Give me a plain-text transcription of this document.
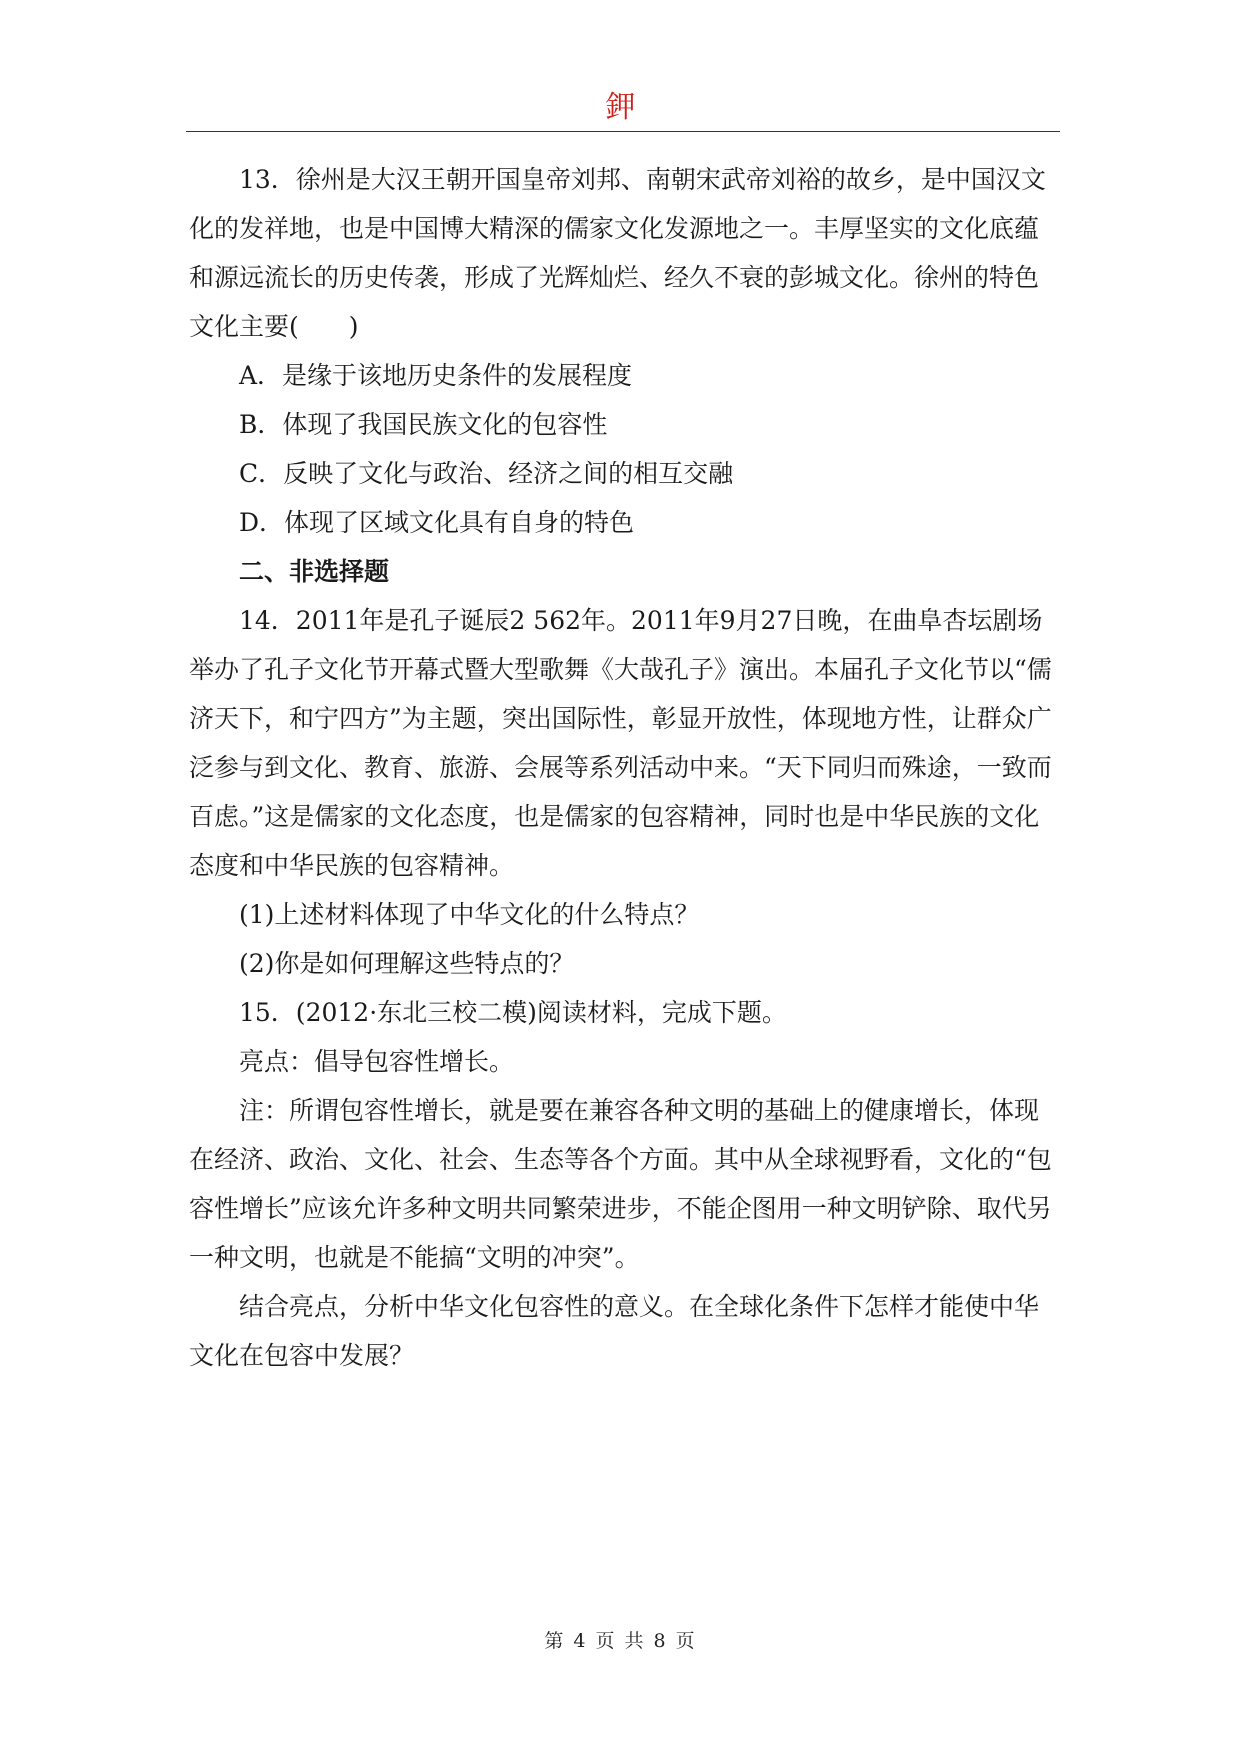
鉀

13．徐州是大汉王朝开国皇帝刘邦、南朝宋武帝刘裕的故乡，是中国汉文化的发祥地，也是中国博大精深的儒家文化发源地之一。丰厚坚实的文化底蕴和源远流长的历史传袭，形成了光辉灿烂、经久不衰的彭城文化。徐州的特色文化主要(　　)

A．是缘于该地历史条件的发展程度

B．体现了我国民族文化的包容性

C．反映了文化与政治、经济之间的相互交融

D．体现了区域文化具有自身的特色

二、非选择题

14．2011年是孔子诞辰2 562年。2011年9月27日晚，在曲阜杏坛剧场举办了孔子文化节开幕式暨大型歌舞《大哉孔子》演出。本届孔子文化节以“儒济天下，和宁四方”为主题，突出国际性，彰显开放性，体现地方性，让群众广泛参与到文化、教育、旅游、会展等系列活动中来。“天下同归而殊途，一致而百虑。”这是儒家的文化态度，也是儒家的包容精神，同时也是中华民族的文化态度和中华民族的包容精神。

(1)上述材料体现了中华文化的什么特点？

(2)你是如何理解这些特点的？

15．(2012·东北三校二模)阅读材料，完成下题。

亮点：倡导包容性增长。

注：所谓包容性增长，就是要在兼容各种文明的基础上的健康增长，体现在经济、政治、文化、社会、生态等各个方面。其中从全球视野看，文化的“包容性增长”应该允许多种文明共同繁荣进步，不能企图用一种文明铲除、取代另一种文明，也就是不能搞“文明的冲突”。

结合亮点，分析中华文化包容性的意义。在全球化条件下怎样才能使中华文化在包容中发展？

第 4 页 共 8 页
